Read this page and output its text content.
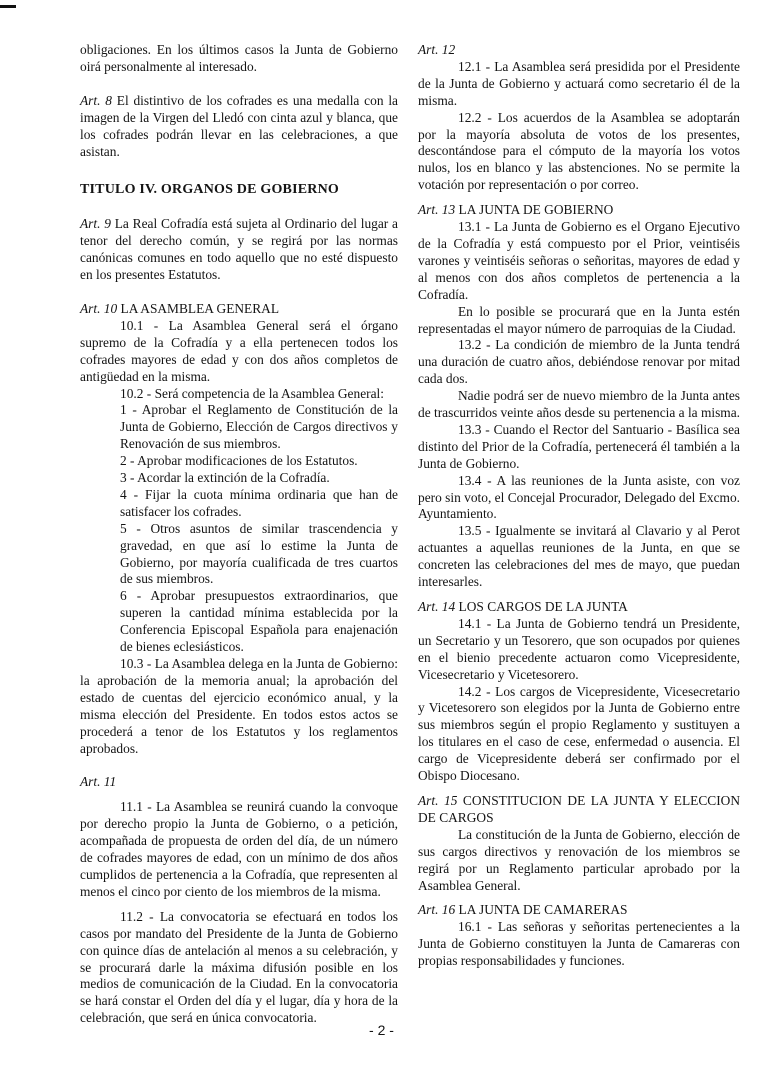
obligaciones. En los últimos casos la Junta de Gobierno oirá personalmente al interesado.

Art. 8 El distintivo de los cofrades es una medalla con la imagen de la Virgen del Lledó con cinta azul y blanca, que los cofrades podrán llevar en las celebraciones, a que asistan.

TITULO IV. ORGANOS DE GOBIERNO

Art. 9 La Real Cofradía está sujeta al Ordinario del lugar a tenor del derecho común, y se regirá por las normas canónicas comunes en todo aquello que no esté dispuesto en los presentes Estatutos.

Art. 10 LA ASAMBLEA GENERAL

10.1 - La Asamblea General será el órgano supremo de la Cofradía y a ella pertenecen todos los cofrades mayores de edad y con dos años completos de antigüedad en la misma.

10.2 - Será competencia de la Asamblea General:

1 - Aprobar el Reglamento de Constitución de la Junta de Gobierno, Elección de Cargos directivos y Renovación de sus miembros.

2 - Aprobar modificaciones de los Estatutos.

3 - Acordar la extinción de la Cofradía.

4 - Fijar la cuota mínima ordinaria que han de satisfacer los cofrades.

5 - Otros asuntos de similar trascendencia y gravedad, en que así lo estime la Junta de Gobierno, por mayoría cualificada de tres cuartos de sus miembros.

6 - Aprobar presupuestos extraordinarios, que superen la cantidad mínima establecida por la Conferencia Episcopal Española para enajenación de bienes eclesiásticos.

10.3 - La Asamblea delega en la Junta de Gobierno: la aprobación de la memoria anual; la aprobación del estado de cuentas del ejercicio económico anual, y la misma elección del Presidente. En todos estos actos se procederá a tenor de los Estatutos y los reglamentos aprobados.

Art. 11

11.1 - La Asamblea se reunirá cuando la convoque por derecho propio la Junta de Gobierno, o a petición, acompañada de propuesta de orden del día, de un número de cofrades mayores de edad, con un mínimo de dos años cumplidos de pertenencia a la Cofradía, que representen al menos el cinco por ciento de los miembros de la misma.

11.2 - La convocatoria se efectuará en todos los casos por mandato del Presidente de la Junta de Gobierno con quince días de antelación al menos a su celebración, y se procurará darle la máxima difusión posible en los medios de comunicación de la Ciudad. En la convocatoria se hará constar el Orden del día y el lugar, día y hora de la celebración, que será en única convocatoria.

Art. 12

12.1 - La Asamblea será presidida por el Presidente de la Junta de Gobierno y actuará como secretario él de la misma.

12.2 - Los acuerdos de la Asamblea se adoptarán por la mayoría absoluta de votos de los presentes, descontándose para el cómputo de la mayoría los votos nulos, los en blanco y las abstenciones. No se permite la votación por representación o por correo.

Art. 13 LA JUNTA DE GOBIERNO

13.1 - La Junta de Gobierno es el Organo Ejecutivo de la Cofradía y está compuesto por el Prior, veintiséis varones y veintiséis señoras o señoritas, mayores de edad y al menos con dos años completos de pertenencia a la Cofradía.

En lo posible se procurará que en la Junta estén representadas el mayor número de parroquias de la Ciudad.

13.2 - La condición de miembro de la Junta tendrá una duración de cuatro años, debiéndose renovar por mitad cada dos.

Nadie podrá ser de nuevo miembro de la Junta antes de trascurridos veinte años desde su pertenencia a la misma.

13.3 - Cuando el Rector del Santuario - Basílica sea distinto del Prior de la Cofradía, pertenecerá él también a la Junta de Gobierno.

13.4 - A las reuniones de la Junta asiste, con voz pero sin voto, el Concejal Procurador, Delegado del Excmo. Ayuntamiento.

13.5 - Igualmente se invitará al Clavario y al Perot actuantes a aquellas reuniones de la Junta, en que se concreten las celebraciones del mes de mayo, que puedan interesarles.

Art. 14 LOS CARGOS DE LA JUNTA

14.1 - La Junta de Gobierno tendrá un Presidente, un Secretario y un Tesorero, que son ocupados por quienes en el bienio precedente actuaron como Vicepresidente, Vicesecretario y Vicetesorero.

14.2 - Los cargos de Vicepresidente, Vicesecretario y Vicetesorero son elegidos por la Junta de Gobierno entre sus miembros según el propio Reglamento y sustituyen a los titulares en el caso de cese, enfermedad o ausencia. El cargo de Vicepresidente deberá ser confirmado por el Obispo Diocesano.

Art. 15 CONSTITUCION DE LA JUNTA Y ELECCION DE CARGOS

La constitución de la Junta de Gobierno, elección de sus cargos directivos y renovación de los miembros se regirá por un Reglamento particular aprobado por la Asamblea General.

Art. 16 LA JUNTA DE CAMARERAS

16.1 - Las señoras y señoritas pertenecientes a la Junta de Gobierno constituyen la Junta de Camareras con propias responsabilidades y funciones.

- 2 -
